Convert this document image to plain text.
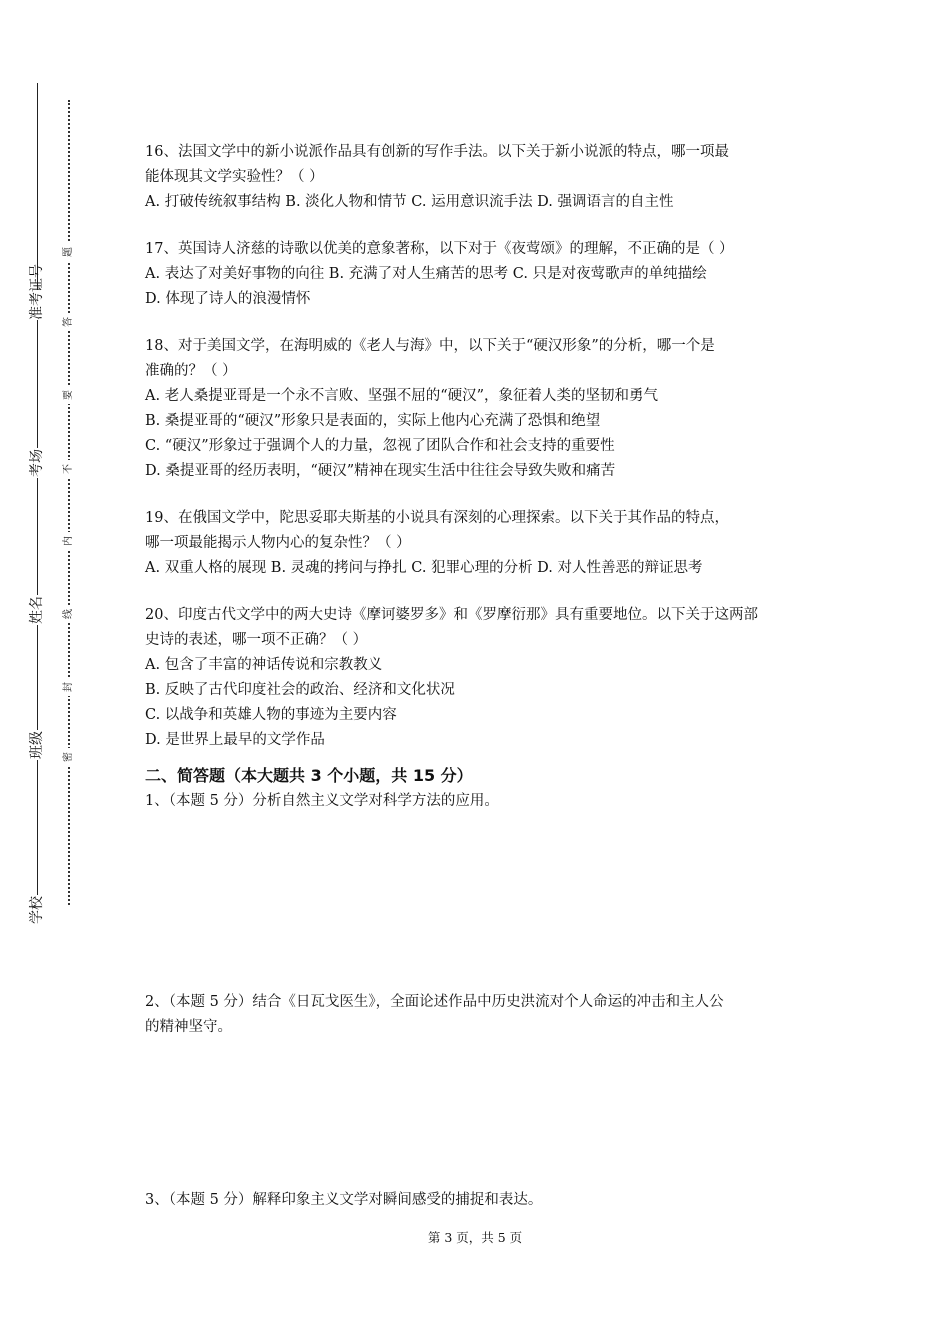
准考证号
考场
姓名
班级
学校
题
答
要
不
内
线
封
密

16、法国文学中的新小说派作品具有创新的写作手法。以下关于新小说派的特点，哪一项最

能体现其文学实验性？（ ）

A. 打破传统叙事结构 B. 淡化人物和情节 C. 运用意识流手法 D. 强调语言的自主性

17、英国诗人济慈的诗歌以优美的意象著称，以下对于《夜莺颂》的理解，不正确的是（ ）

A. 表达了对美好事物的向往 B. 充满了对人生痛苦的思考 C. 只是对夜莺歌声的单纯描绘

D. 体现了诗人的浪漫情怀

18、对于美国文学，在海明威的《老人与海》中，以下关于“硬汉形象”的分析，哪一个是

准确的？（ ）

A. 老人桑提亚哥是一个永不言败、坚强不屈的“硬汉”，象征着人类的坚韧和勇气

B. 桑提亚哥的“硬汉”形象只是表面的，实际上他内心充满了恐惧和绝望

C. “硬汉”形象过于强调个人的力量，忽视了团队合作和社会支持的重要性

D. 桑提亚哥的经历表明，“硬汉”精神在现实生活中往往会导致失败和痛苦

19、在俄国文学中，陀思妥耶夫斯基的小说具有深刻的心理探索。以下关于其作品的特点，

哪一项最能揭示人物内心的复杂性？（ ）

A. 双重人格的展现 B. 灵魂的拷问与挣扎 C. 犯罪心理的分析 D. 对人性善恶的辩证思考

20、印度古代文学中的两大史诗《摩诃婆罗多》和《罗摩衍那》具有重要地位。以下关于这两部

史诗的表述，哪一项不正确？（ ）

A. 包含了丰富的神话传说和宗教教义

B. 反映了古代印度社会的政治、经济和文化状况

C. 以战争和英雄人物的事迹为主要内容

D. 是世界上最早的文学作品

二、简答题（本大题共 3 个小题，共 15 分）

1、（本题 5 分）分析自然主义文学对科学方法的应用。

2、（本题 5 分）结合《日瓦戈医生》，全面论述作品中历史洪流对个人命运的冲击和主人公

的精神坚守。

3、（本题 5 分）解释印象主义文学对瞬间感受的捕捉和表达。

第 3 页，共 5 页
